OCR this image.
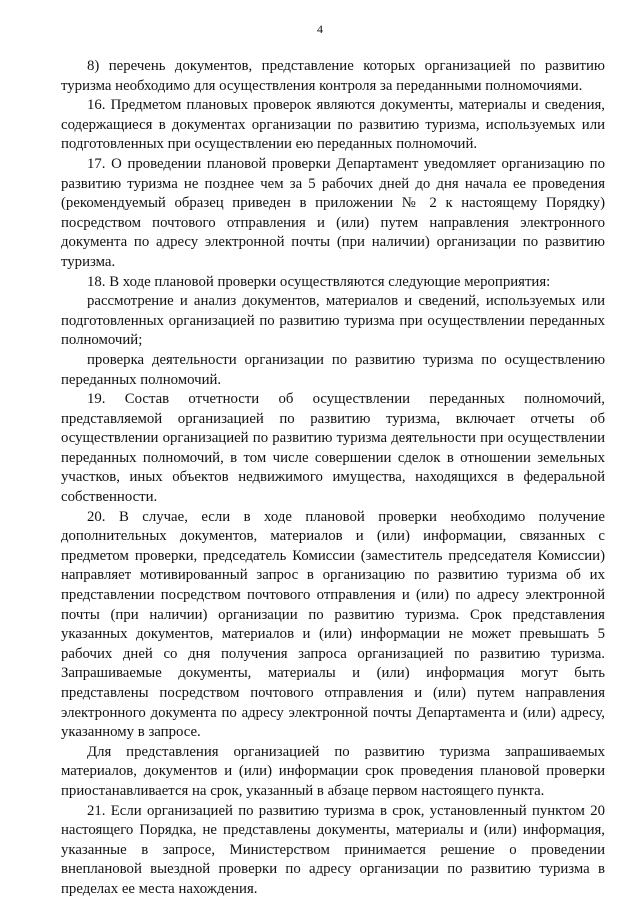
4

8) перечень документов, представление которых организацией по развитию туризма необходимо для осуществления контроля за переданными полномочиями.

16. Предметом плановых проверок являются документы, материалы и сведения, содержащиеся в документах организации по развитию туризма, используемых или подготовленных при осуществлении ею переданных полномочий.

17. О проведении плановой проверки Департамент уведомляет организацию по развитию туризма не позднее чем за 5 рабочих дней до дня начала ее проведения (рекомендуемый образец приведен в приложении № 2 к настоящему Порядку) посредством почтового отправления и (или) путем направления электронного документа по адресу электронной почты (при наличии) организации по развитию туризма.

18. В ходе плановой проверки осуществляются следующие мероприятия:

рассмотрение и анализ документов, материалов и сведений, используемых или подготовленных организацией по развитию туризма при осуществлении переданных полномочий;

проверка деятельности организации по развитию туризма по осуществлению переданных полномочий.

19. Состав отчетности об осуществлении переданных полномочий, представляемой организацией по развитию туризма, включает отчеты об осуществлении организацией по развитию туризма деятельности при осуществлении переданных полномочий, в том числе совершении сделок в отношении земельных участков, иных объектов недвижимого имущества, находящихся в федеральной собственности.

20. В случае, если в ходе плановой проверки необходимо получение дополнительных документов, материалов и (или) информации, связанных с предметом проверки, председатель Комиссии (заместитель председателя Комиссии) направляет мотивированный запрос в организацию по развитию туризма об их представлении посредством почтового отправления и (или) по адресу электронной почты (при наличии) организации по развитию туризма. Срок представления указанных документов, материалов и (или) информации не может превышать 5 рабочих дней со дня получения запроса организацией по развитию туризма. Запрашиваемые документы, материалы и (или) информация могут быть представлены посредством почтового отправления и (или) путем направления электронного документа по адресу электронной почты Департамента и (или) адресу, указанному в запросе.

Для представления организацией по развитию туризма запрашиваемых материалов, документов и (или) информации срок проведения плановой проверки приостанавливается на срок, указанный в абзаце первом настоящего пункта.

21. Если организацией по развитию туризма в срок, установленный пунктом 20 настоящего Порядка, не представлены документы, материалы и (или) информация, указанные в запросе, Министерством принимается решение о проведении внеплановой выездной проверки по адресу организации по развитию туризма в пределах ее места нахождения.
